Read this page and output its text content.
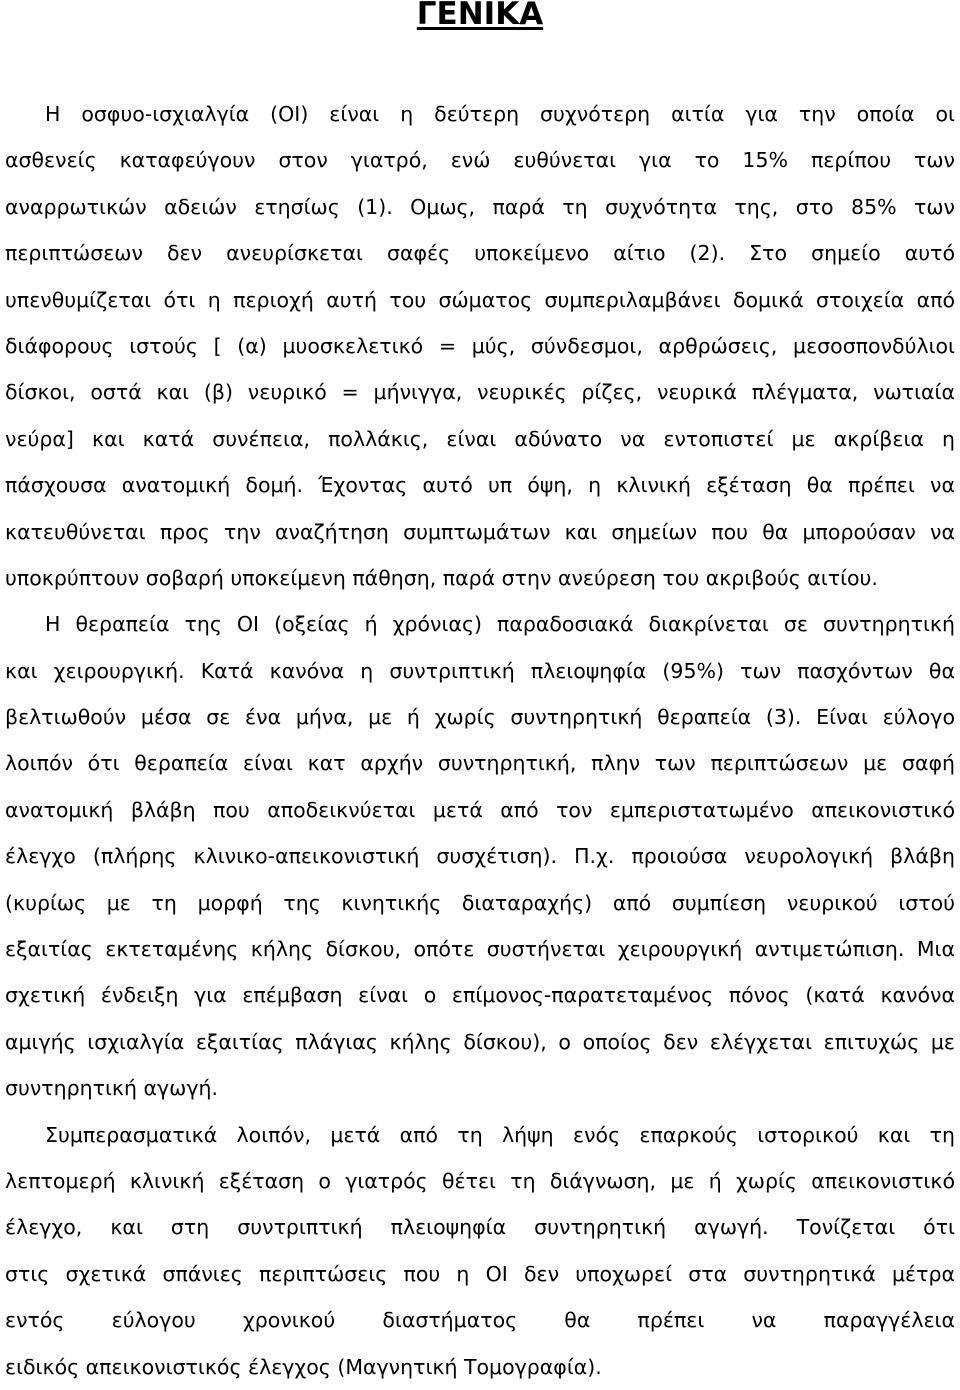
ΓΕΝΙΚΑ
Η οσφυο-ισχιαλγία (ΟΙ) είναι η δεύτερη συχνότερη αιτία για την οποία οι
ασθενείς καταφεύγουν στον γιατρό, ενώ ευθύνεται για το 15% περίπου των
αναρρωτικών αδειών ετησίως (1). Ομως, παρά τη συχνότητα της, στο 85% των
περιπτώσεων δεν ανευρίσκεται σαφές υποκείμενο αίτιο (2). Στο σημείο αυτό
υπενθυμίζεται ότι η περιοχή αυτή του σώματος συμπεριλαμβάνει δομικά στοιχεία από
διάφορους ιστούς [ (α) μυοσκελετικό = μύς, σύνδεσμοι, αρθρώσεις, μεσοσπονδύλιοι
δίσκοι, οστά και (β) νευρικό = μήνιγγα, νευρικές ρίζες, νευρικά πλέγματα, νωτιαία
νεύρα] και κατά συνέπεια, πολλάκις, είναι αδύνατο να εντοπιστεί με ακρίβεια η
πάσχουσα ανατομική δομή. Έχοντας αυτό υπ όψη, η κλινική εξέταση θα πρέπει να
κατευθύνεται προς την αναζήτηση συμπτωμάτων και σημείων που θα μπορούσαν να
υποκρύπτουν σοβαρή υποκείμενη πάθηση, παρά στην ανεύρεση του ακριβούς αιτίου.
Η θεραπεία της ΟΙ (οξείας ή χρόνιας) παραδοσιακά διακρίνεται σε συντηρητική
και χειρουργική. Κατά κανόνα η συντριπτική πλειοψηφία (95%) των πασχόντων θα
βελτιωθούν μέσα σε ένα μήνα, με ή χωρίς συντηρητική θεραπεία (3). Είναι εύλογο
λοιπόν ότι θεραπεία είναι κατ αρχήν συντηρητική, πλην των περιπτώσεων με σαφή
ανατομική βλάβη που αποδεικνύεται μετά από τον εμπεριστατωμένο απεικονιστικό
έλεγχο (πλήρης κλινικο-απεικονιστική συσχέτιση). Π.χ. προιούσα νευρολογική βλάβη
(κυρίως με τη μορφή της κινητικής διαταραχής) από συμπίεση νευρικού ιστού
εξαιτίας εκτεταμένης κήλης δίσκου, οπότε συστήνεται χειρουργική αντιμετώπιση. Μια
σχετική ένδειξη για επέμβαση είναι ο επίμονος-παρατεταμένος πόνος (κατά κανόνα
αμιγής ισχιαλγία εξαιτίας πλάγιας κήλης δίσκου), ο οποίος δεν ελέγχεται επιτυχώς με
συντηρητική αγωγή.
Συμπερασματικά λοιπόν, μετά από τη λήψη ενός επαρκούς ιστορικού και τη
λεπτομερή κλινική εξέταση ο γιατρός θέτει τη διάγνωση, με ή χωρίς απεικονιστικό
έλεγχο, και στη συντριπτική πλειοψηφία συντηρητική αγωγή. Τονίζεται ότι
στις σχετικά σπάνιες περιπτώσεις που η ΟΙ δεν υποχωρεί στα συντηρητικά μέτρα
εντός εύλογου χρονικού διαστήματος θα πρέπει να παραγγέλεια
ειδικός απεικονιστικός έλεγχος (Μαγνητική Τομογραφία).
